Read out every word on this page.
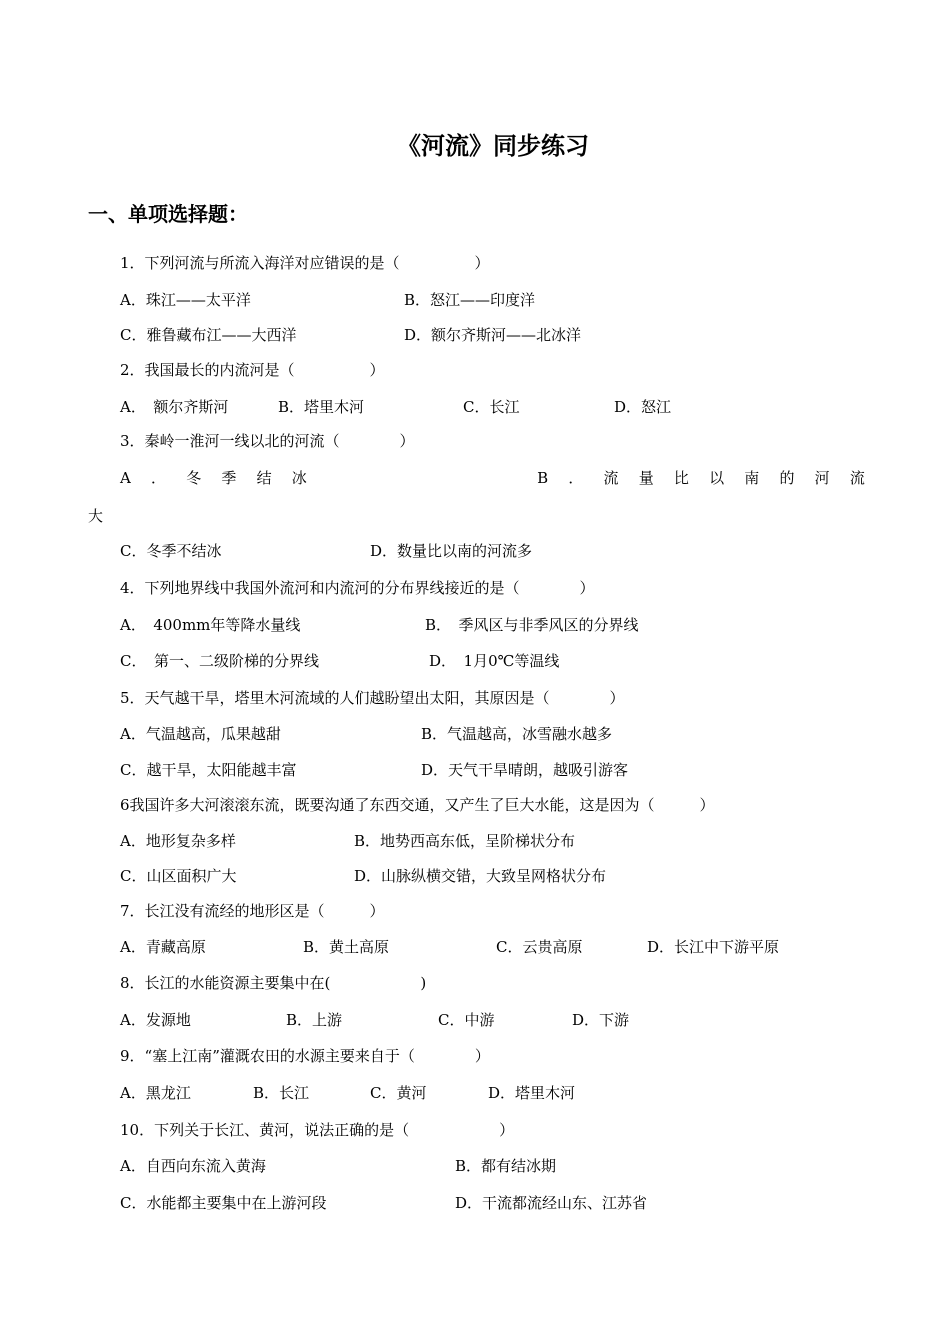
《河流》同步练习
一、单项选择题：
1．下列河流与所流入海洋对应错误的是（　　　　　）
A．珠江——太平洋	B．怒江——印度洋
C．雅鲁藏布江——大西洋	D．额尔齐斯河——北冰洋
2．我国最长的内流河是（　　　　　）
A．　额尔齐斯河	B．塔里木河	C．长江	D．怒江
3．秦岭一淮河一线以北的河流（　　　　）
A ． 冬 季 结 冰	B ． 流 量 比 以 南 的 河 流
大
C．冬季不结冰	D．数量比以南的河流多
4．下列地界线中我国外流河和内流河的分布界线接近的是（　　　　）
A．　400mm年等降水量线	B．　季风区与非季风区的分界线
C．　第一、二级阶梯的分界线	D．　1月0℃等温线
5．天气越干旱，塔里木河流域的人们越盼望出太阳，其原因是（　　　　）
A．气温越高，瓜果越甜	B．气温越高，冰雪融水越多
C．越干旱，太阳能越丰富	D．天气干旱晴朗，越吸引游客
6我国许多大河滚滚东流，既要沟通了东西交通，又产生了巨大水能，这是因为（　　　）
A．地形复杂多样	B．地势西高东低，呈阶梯状分布
C．山区面积广大	D．山脉纵横交错，大致呈网格状分布
7．长江没有流经的地形区是（　　　）
A．青藏高原	B．黄土高原	C．云贵高原	D．长江中下游平原
8．长江的水能资源主要集中在(　　　　　　)
A．发源地	B．上游	C．中游	D．下游
9．“塞上江南”灌溉农田的水源主要来自于（　　　　）
A．黑龙江	B．长江	C．黄河	D．塔里木河
10．下列关于长江、黄河，说法正确的是（　　　　　　）
A．自西向东流入黄海	B．都有结冰期
C．水能都主要集中在上游河段	D．干流都流经山东、江苏省
